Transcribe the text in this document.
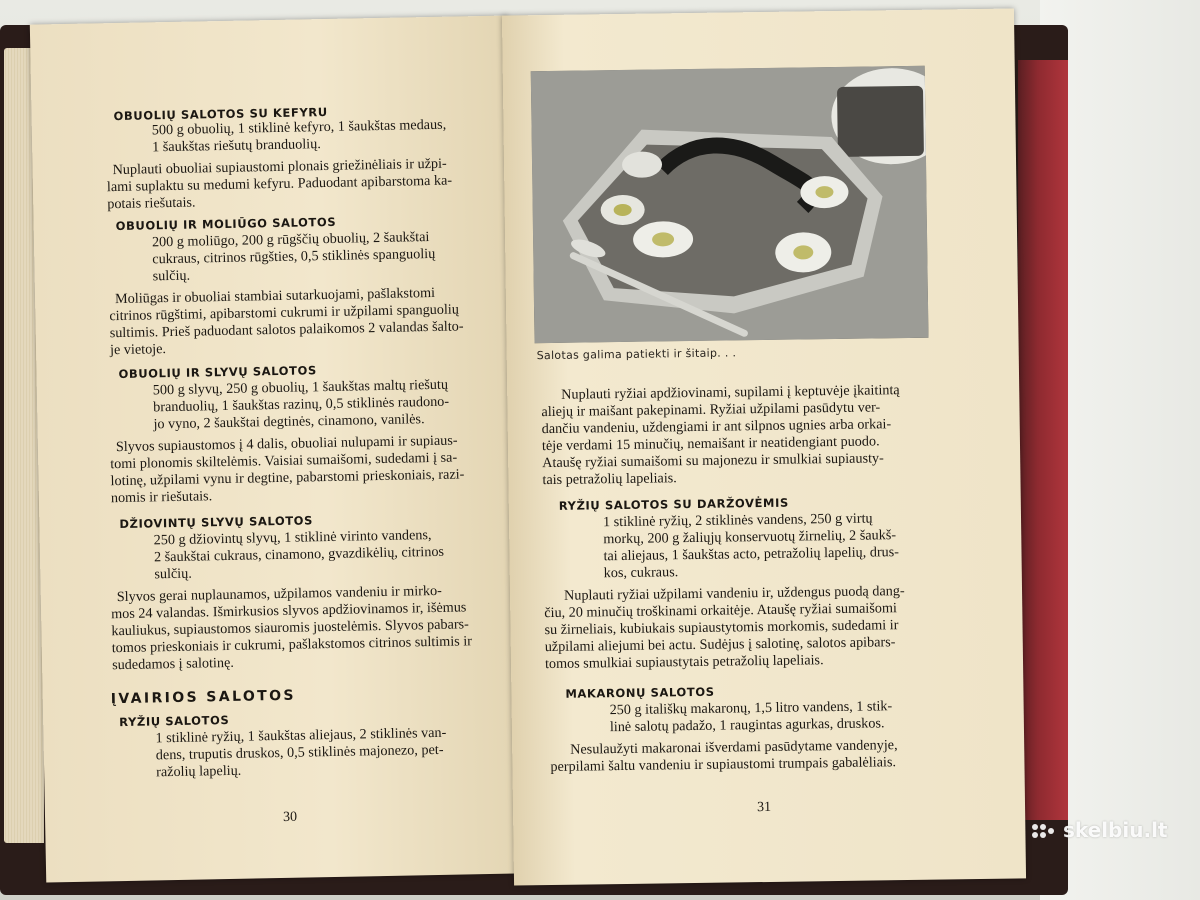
OBUOLIŲ SALOTOS SU KEFYRU
500 g obuolių, 1 stiklinė kefyro, 1 šaukštas medaus,
1 šaukštas riešutų branduolių.
Nuplauti obuoliai supiaustomi plonais griežinėliais ir užpi-
lami suplaktu su medumi kefyru. Paduodant apibarstoma ka-
potais riešutais.
OBUOLIŲ IR MOLIŪGO SALOTOS
200 g moliūgo, 200 g rūgščių obuolių, 2 šaukštai
cukraus, citrinos rūgšties, 0,5 stiklinės spanguolių
sulčių.
Moliūgas ir obuoliai stambiai sutarkuojami, pašlakstomi
citrinos rūgštimi, apibarstomi cukrumi ir užpilami spanguolių
sultimis. Prieš paduodant salotos palaikomos 2 valandas šalto-
je vietoje.
OBUOLIŲ IR SLYVŲ SALOTOS
500 g slyvų, 250 g obuolių, 1 šaukštas maltų riešutų
branduolių, 1 šaukštas razinų, 0,5 stiklinės raudono-
jo vyno, 2 šaukštai degtinės, cinamono, vanilės.
Slyvos supiaustomos į 4 dalis, obuoliai nulupami ir supiaus-
tomi plonomis skiltelėmis. Vaisiai sumaišomi, sudedami į sa-
lotinę, užpilami vynu ir degtine, pabarstomi prieskoniais, razi-
nomis ir riešutais.
DŽIOVINTŲ SLYVŲ SALOTOS
250 g džiovintų slyvų, 1 stiklinė virinto vandens,
2 šaukštai cukraus, cinamono, gvazdikėlių, citrinos
sulčių.
Slyvos gerai nuplaunamos, užpilamos vandeniu ir mirko-
mos 24 valandas. Išmirkusios slyvos apdžiovinamos ir, išėmus
kauliukus, supiaustomos siauromis juostelėmis. Slyvos pabars-
tomos prieskoniais ir cukrumi, pašlakstomos citrinos sultimis ir
sudedamos į salotinę.
ĮVAIRIOS SALOTOS
RYŽIŲ SALOTOS
1 stiklinė ryžių, 1 šaukštas aliejaus, 2 stiklinės van-
dens, truputis druskos, 0,5 stiklinės majonezo, pet-
ražolių lapelių.
30
Salotas galima patiekti ir šitaip. . .
Nuplauti ryžiai apdžiovinami, supilami į keptuvėje įkaitintą
aliejų ir maišant pakepinami. Ryžiai užpilami pasūdytu ver-
dančiu vandeniu, uždengiami ir ant silpnos ugnies arba orkai-
tėje verdami 15 minučių, nemaišant ir neatidengiant puodo.
Ataušę ryžiai sumaišomi su majonezu ir smulkiai supiausty-
tais petražolių lapeliais.
RYŽIŲ SALOTOS SU DARŽOVĖMIS
1 stiklinė ryžių, 2 stiklinės vandens, 250 g virtų
morkų, 200 g žaliųjų konservuotų žirnelių, 2 šaukš-
tai aliejaus, 1 šaukštas acto, petražolių lapelių, drus-
kos, cukraus.
Nuplauti ryžiai užpilami vandeniu ir, uždengus puodą dang-
čiu, 20 minučių troškinami orkaitėje. Ataušę ryžiai sumaišomi
su žirneliais, kubiukais supiaustytomis morkomis, sudedami ir
užpilami aliejumi bei actu. Sudėjus į salotinę, salotos apibars-
tomos smulkiai supiaustytais petražolių lapeliais.
MAKARONŲ SALOTOS
250 g itališkų makaronų, 1,5 litro vandens, 1 stik-
linė salotų padažo, 1 raugintas agurkas, druskos.
Nesulaužyti makaronai išverdami pasūdytame vandenyje,
perpilami šaltu vandeniu ir supiaustomi trumpais gabalėliais.
31
skelbiu.lt
